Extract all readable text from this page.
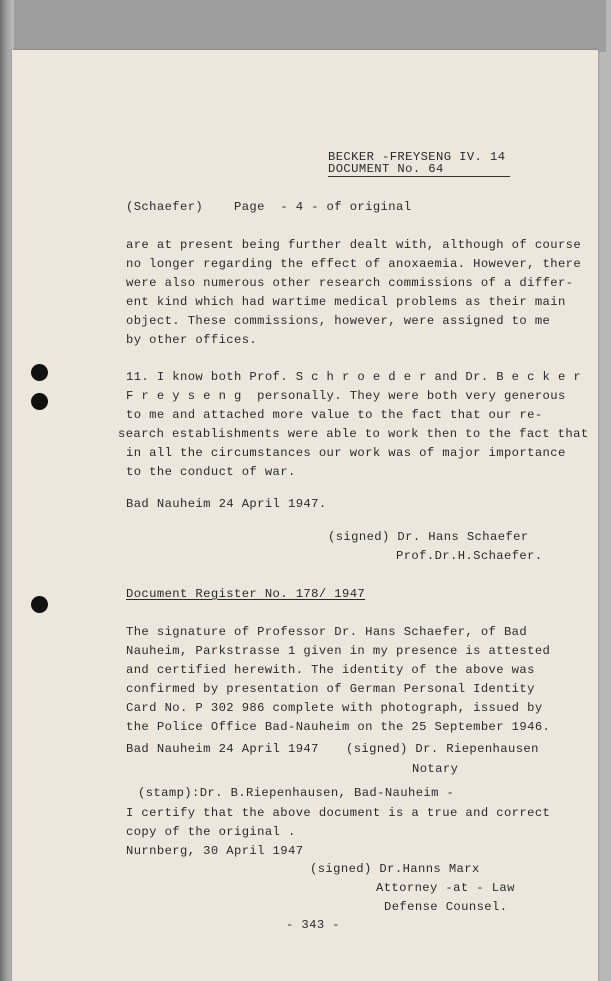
BECKER -FREYSENG IV. 14
DOCUMENT No. 64
(Schaefer)    Page  - 4 - of original
are at present being further dealt with, although of course
no longer regarding the effect of anoxaemia. However, there
were also numerous other research commissions of a differ-
ent kind which had wartime medical problems as their main
object. These commissions, however, were assigned to me
by other offices.
11. I know both Prof. S c h r o e d e r and Dr. B e c k e r
F r e y s e n g  personally. They were both very generous
to me and attached more value to the fact that our re-
search establishments were able to work then to the fact that
in all the circumstances our work was of major importance
to the conduct of war.
Bad Nauheim 24 April 1947.
(signed) Dr. Hans Schaefer
Prof.Dr.H.Schaefer.
Document Register No. 178/ 1947
The signature of Professor Dr. Hans Schaefer, of Bad
Nauheim, Parkstrasse 1 given in my presence is attested
and certified herewith. The identity of the above was
confirmed by presentation of German Personal Identity
Card No. P 302 986 complete with photograph, issued by
the Police Office Bad-Nauheim on the 25 September 1946.
Bad Nauheim 24 April 1947 (signed) Dr. Riepenhausen
Notary
(stamp):Dr. B.Riepenhausen, Bad-Nauheim -
I certify that the above document is a true and correct
copy of the original .
Nurnberg, 30 April 1947
(signed) Dr.Hanns Marx
Attorney -at - Law
Defense Counsel.
- 343 -
